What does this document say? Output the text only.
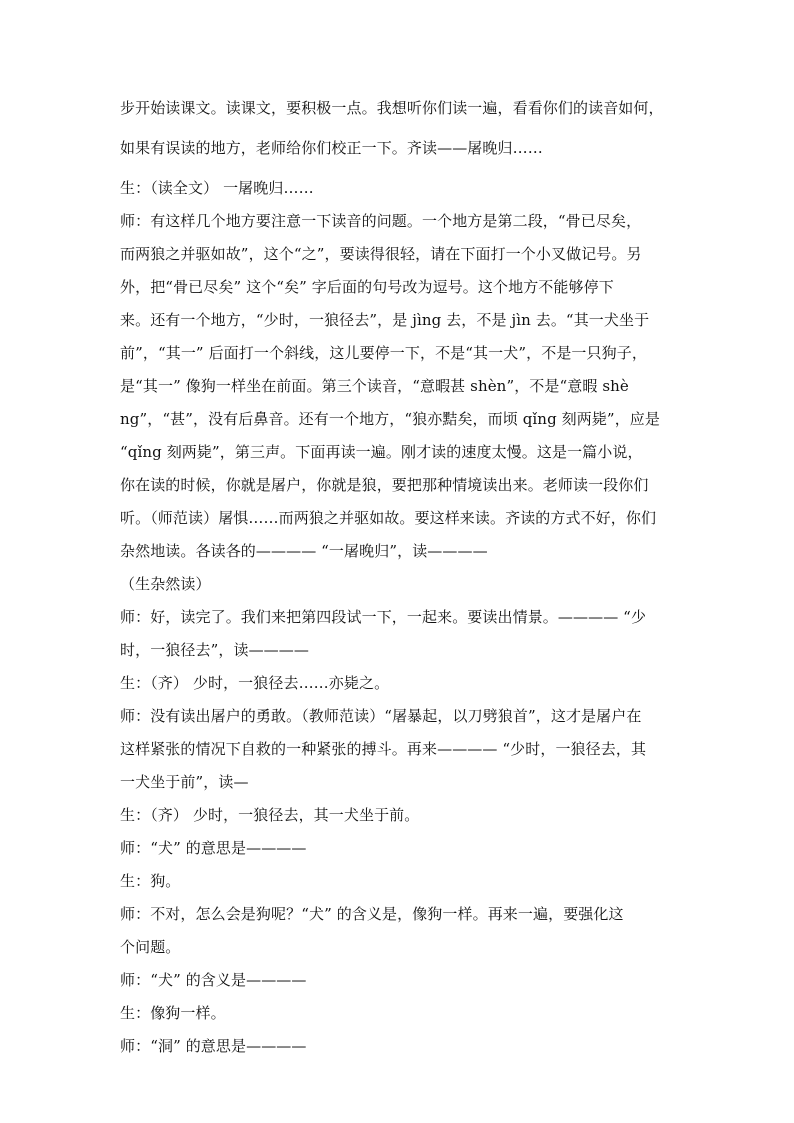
步开始读课文。读课文，要积极一点。我想听你们读一遍，看看你们的读音如何，
如果有误读的地方，老师给你们校正一下。齐读——屠晚归……
生：（读全文） 一屠晚归……
师：有这样几个地方要注意一下读音的问题。一个地方是第二段，“骨已尽矣，
而两狼之并驱如故”，这个“之”，要读得很轻，请在下面打一个小叉做记号。另
外，把“骨已尽矣” 这个“矣” 字后面的句号改为逗号。这个地方不能够停下
来。还有一个地方，“少时，一狼径去”，是 jìng 去，不是 jìn 去。“其一犬坐于
前”，“其一” 后面打一个斜线，这儿要停一下，不是“其一犬”，不是一只狗子，
是“其一” 像狗一样坐在前面。第三个读音，“意暇甚 shèn”，不是“意暇 shè
ng”，“甚”，没有后鼻音。还有一个地方，“狼亦黠矣，而顷 qǐng 刻两毙”，应是
“qǐng 刻两毙”，第三声。下面再读一遍。刚才读的速度太慢。这是一篇小说，
你在读的时候，你就是屠户，你就是狼，要把那种情境读出来。老师读一段你们
听。（师范读）屠惧……而两狼之并驱如故。要这样来读。齐读的方式不好，你们
杂然地读。各读各的———— “一屠晚归”，读————
（生杂然读）
师：好，读完了。我们来把第四段试一下，一起来。要读出情景。———— “少
时，一狼径去”，读————
生：（齐） 少时，一狼径去……亦毙之。
师：没有读出屠户的勇敢。（教师范读）“屠暴起，以刀劈狼首”，这才是屠户在
这样紧张的情况下自救的一种紧张的搏斗。再来———— “少时，一狼径去，其
一犬坐于前”，读—
生：（齐） 少时，一狼径去，其一犬坐于前。
师：“犬” 的意思是————
生：狗。
师：不对，怎么会是狗呢？“犬” 的含义是，像狗一样。再来一遍，要强化这
个问题。
师：“犬” 的含义是————
生：像狗一样。
师：“洞” 的意思是————
